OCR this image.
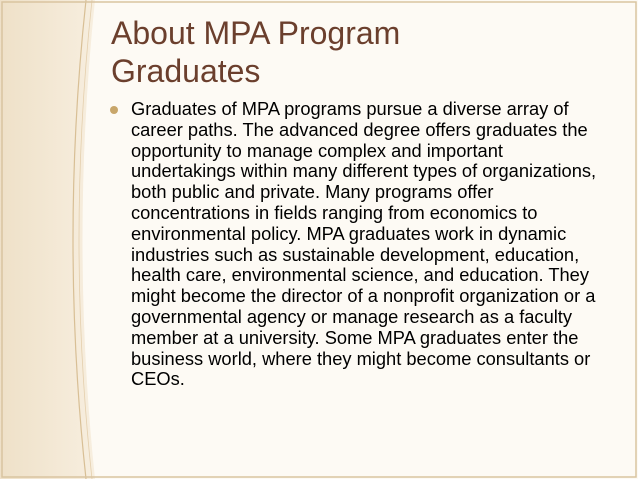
About MPA Program
Graduates

Graduates of MPA programs pursue a diverse array of career paths. The advanced degree offers graduates the opportunity to manage complex and important undertakings within many different types of organizations, both public and private. Many programs offer concentrations in fields ranging from economics to environmental policy. MPA graduates work in dynamic industries such as sustainable development, education, health care, environmental science, and education. They might become the director of a nonprofit organization or a governmental agency or manage research as a faculty member at a university. Some MPA graduates enter the business world, where they might become consultants or CEOs.
